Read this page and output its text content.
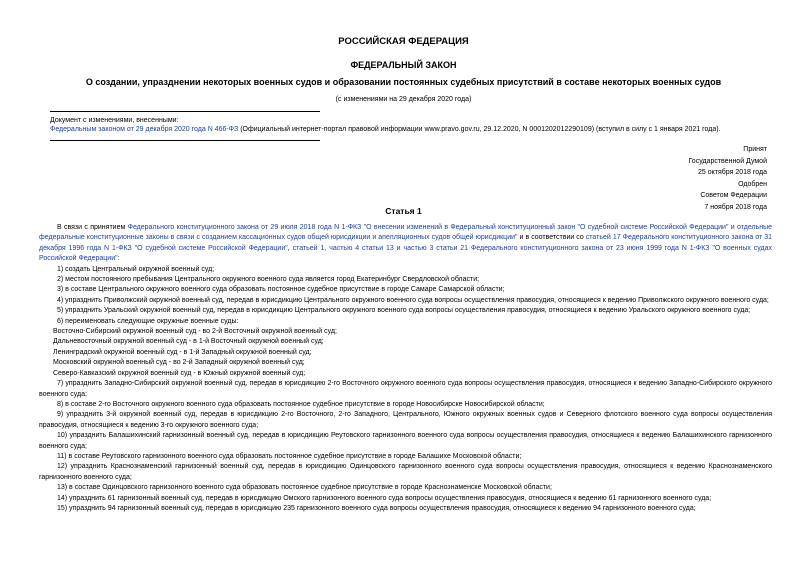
РОССИЙСКАЯ ФЕДЕРАЦИЯ
ФЕДЕРАЛЬНЫЙ ЗАКОН
О создании, упразднении некоторых военных судов и образовании постоянных судебных присутствий в составе некоторых военных судов
(с изменениями на 29 декабря 2020 года)
Документ с изменениями, внесенными:
Федеральным законом от 29 декабря 2020 года N 466-ФЗ (Официальный интернет-портал правовой информации www.pravo.gov.ru, 29.12.2020, N 0001202012290109) (вступил в силу с 1 января 2021 года).
Принят
Государственной Думой
25 октября 2018 года
Одобрен
Советом Федерации
7 ноября 2018 года
Статья 1

В связи с принятием Федерального конституционного закона от 29 июля 2018 года N 1-ФКЗ "О внесении изменений в Федеральный конституционный закон "О судебной системе Российской Федерации" и отдельные федеральные конституционные законы в связи с созданием кассационных судов общей юрисдикции и апелляционных судов общей юрисдикции" и в соответствии со статьей 17 Федерального конституционного закона от 31 декабря 1996 года N 1-ФКЗ "О судебной системе Российской Федерации", статьей 1, частью 4 статьи 13 и частью 3 статьи 21 Федерального конституционного закона от 23 июня 1999 года N 1-ФКЗ "О военных судах Российской Федерации":

1) создать Центральный окружной военный суд;

2) местом постоянного пребывания Центрального окружного военного суда является город Екатеринбург Свердловской области;

3) в составе Центрального окружного военного суда образовать постоянное судебное присутствие в городе Самаре Самарской области;

4) упразднить Приволжский окружной военный суд, передав в юрисдикцию Центрального окружного военного суда вопросы осуществления правосудия, относящиеся к ведению Приволжского окружного военного суда;

5) упразднить Уральский окружной военный суд, передав в юрисдикцию Центрального окружного военного суда вопросы осуществления правосудия, относящиеся к ведению Уральского окружного военного суда;

6) переименовать следующие окружные военные суды:

Восточно-Сибирский окружной военный суд - во 2-й Восточный окружной военный суд;

Дальневосточный окружной военный суд - в 1-й Восточный окружной военный суд;

Ленинградский окружной военный суд - в 1-й Западный окружной военный суд;

Московский окружной военный суд - во 2-й Западный окружной военный суд;

Северо-Кавказский окружной военный суд - в Южный окружной военный суд;

7) упразднить Западно-Сибирский окружной военный суд, передав в юрисдикцию 2-го Восточного окружного военного суда вопросы осуществления правосудия, относящиеся к ведению Западно-Сибирского окружного военного суда;

8) в составе 2-го Восточного окружного военного суда образовать постоянное судебное присутствие в городе Новосибирске Новосибирской области;

9) упразднить 3-й окружной военный суд, передав в юрисдикцию 2-го Восточного, 2-го Западного, Центрального, Южного окружных военных судов и Северного флотского военного суда вопросы осуществления правосудия, относящиеся к ведению 3-го окружного военного суда;

10) упразднить Балашихинский гарнизонный военный суд, передав в юрисдикцию Реутовского гарнизонного военного суда вопросы осуществления правосудия, относящиеся к ведению Балашихинского гарнизонного военного суда;

11) в составе Реутовского гарнизонного военного суда образовать постоянное судебное присутствие в городе Балашихе Московской области;

12) упразднить Краснознаменский гарнизонный военный суд, передав в юрисдикцию Одинцовского гарнизонного военного суда вопросы осуществления правосудия, относящиеся к ведению Краснознаменского гарнизонного военного суда;

13) в составе Одинцовского гарнизонного военного суда образовать постоянное судебное присутствие в городе Краснознаменске Московской области;

14) упразднить 61 гарнизонный военный суд, передав в юрисдикцию Омского гарнизонного военного суда вопросы осуществления правосудия, относящиеся к ведению 61 гарнизонного военного суда;

15) упразднить 94 гарнизонный военный суд, передав в юрисдикцию 235 гарнизонного военного суда вопросы осуществления правосудия, относящиеся к ведению 94 гарнизонного военного суда;
